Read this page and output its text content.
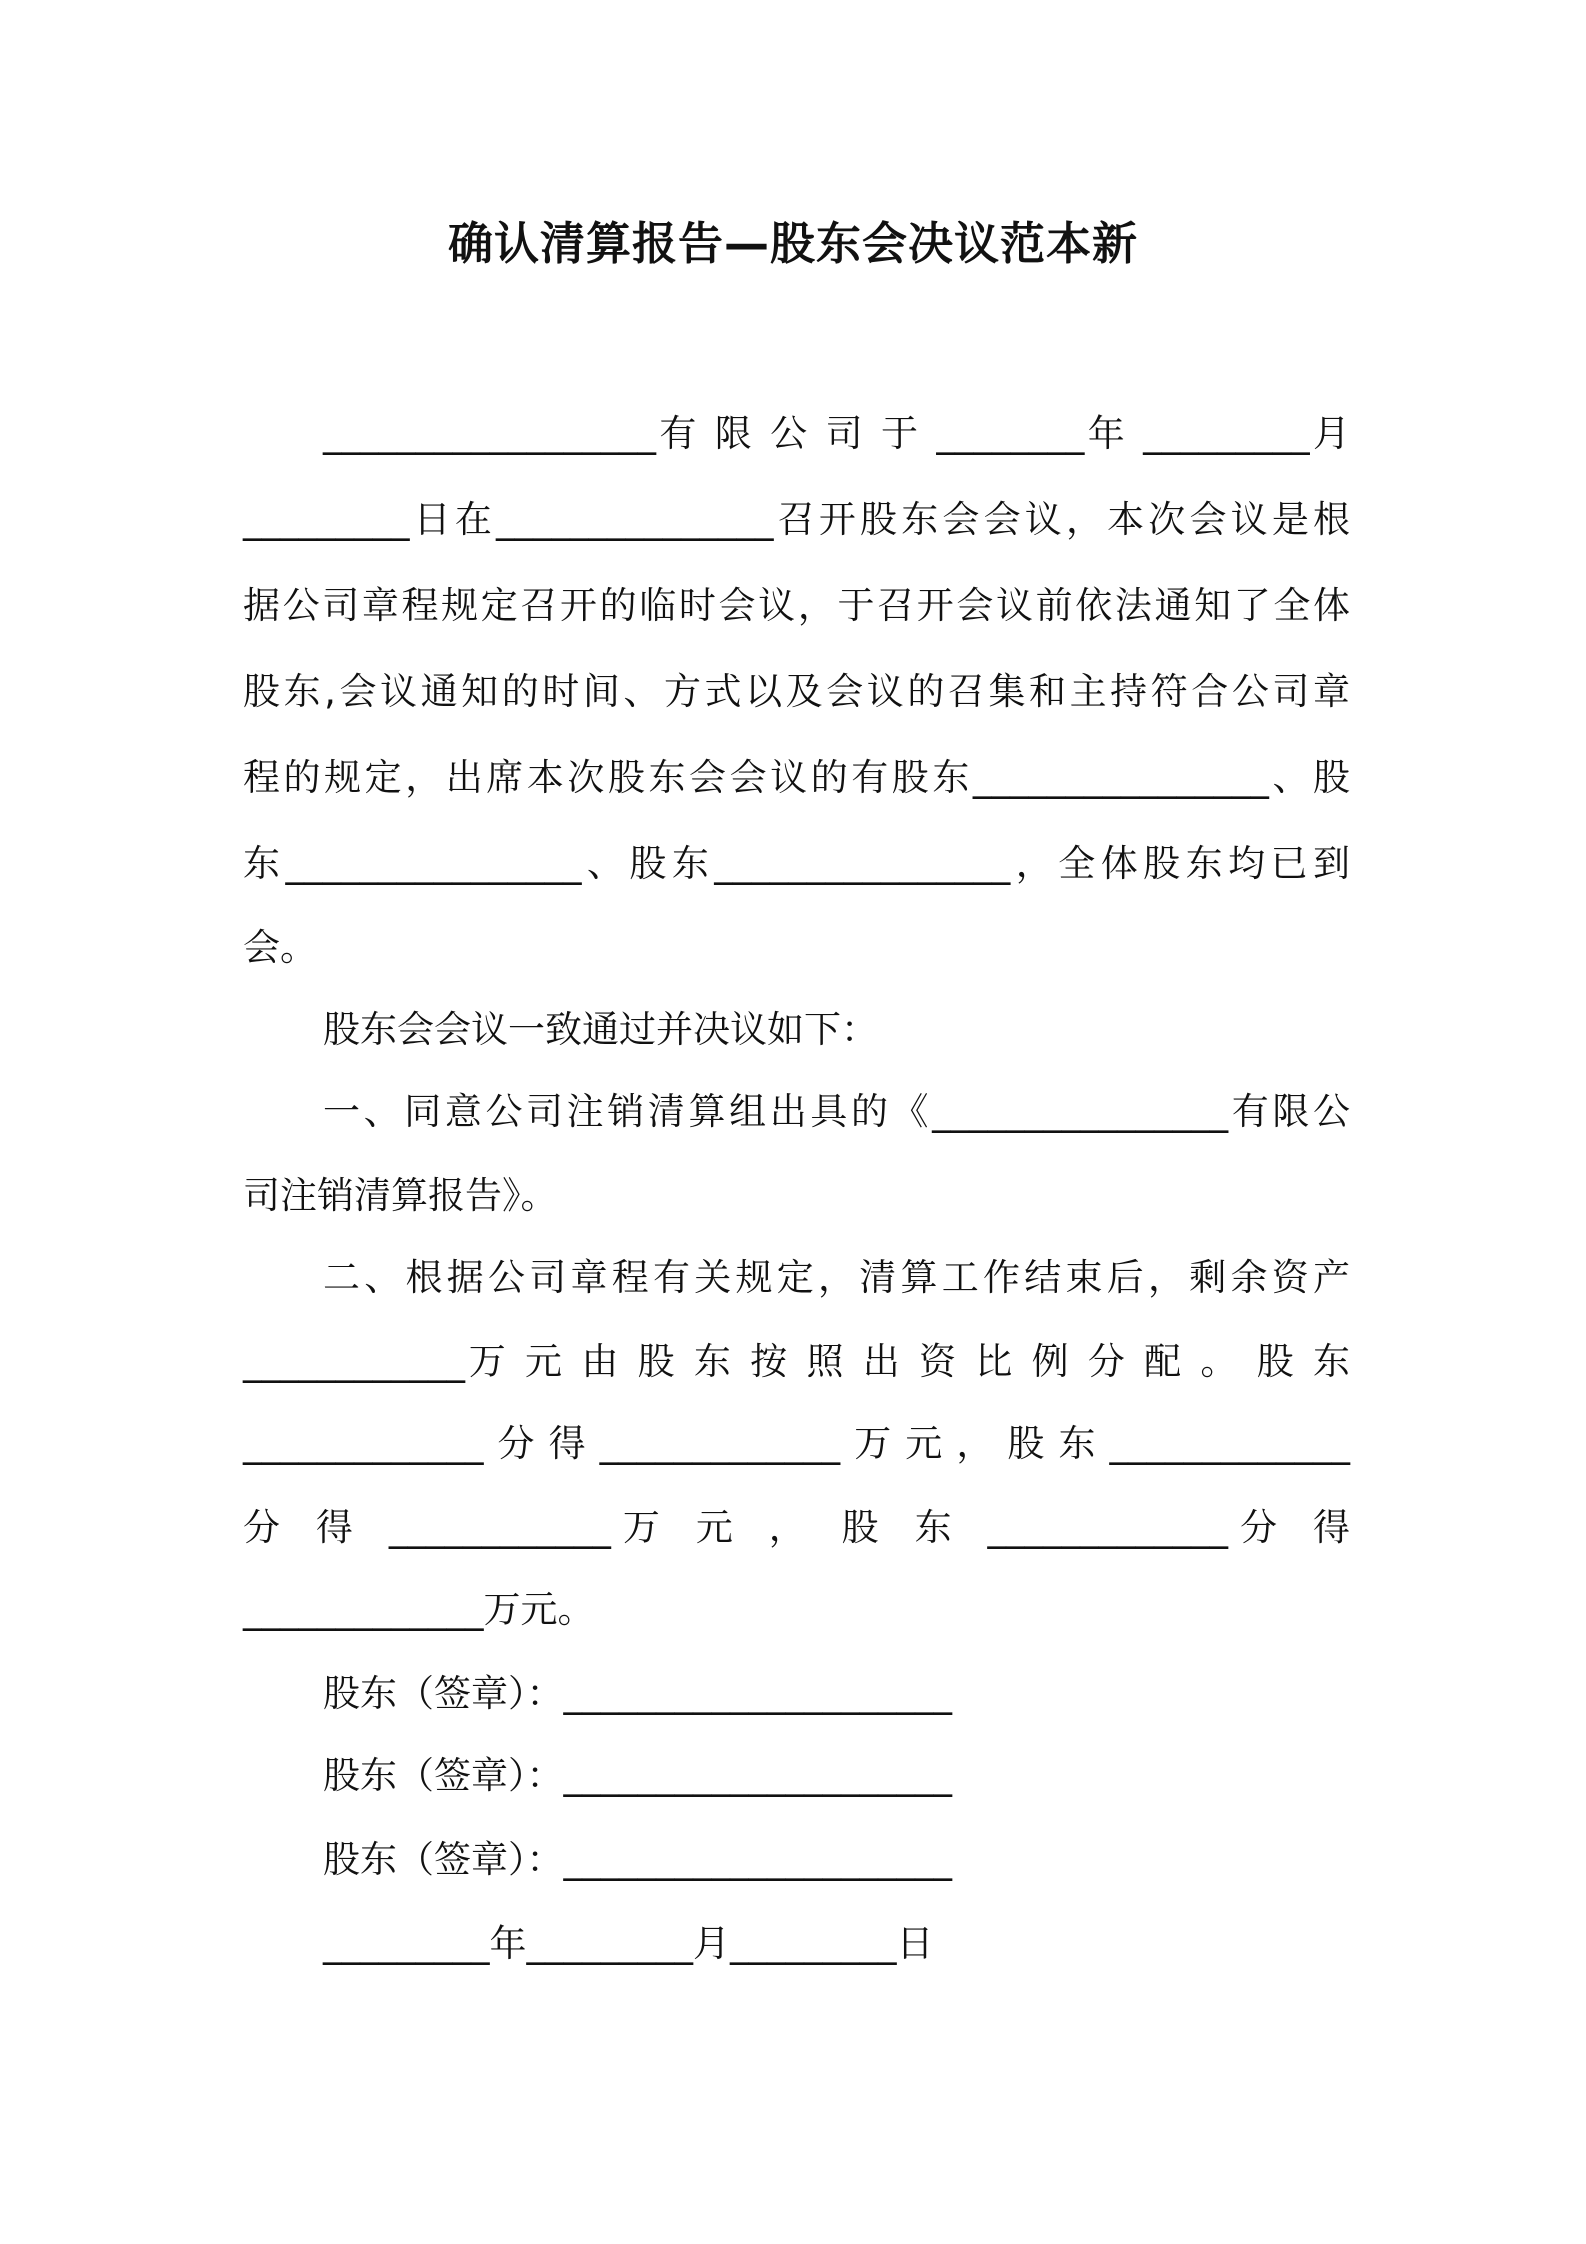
确认清算报告—股东会决议范本新
__________________有 限 公 司 于 ________年 _________月
_________日在_______________召开股东会会议，本次会议是根
据公司章程规定召开的临时会议，于召开会议前依法通知了全体
股东,会议通知的时间、方式以及会议的召集和主持符合公司章
程的规定，出席本次股东会会议的有股东________________、股
东________________、股东________________，全体股东均已到
会。
股东会会议一致通过并决议如下：
一、同意公司注销清算组出具的《________________有限公
司注销清算报告》。
二、根据公司章程有关规定，清算工作结束后，剩余资产
____________万 元 由 股 东 按 照 出 资 比 例 分 配 。 股 东
_____________分得_____________万元，股东_____________
分 得 ____________万 元 ， 股 东 _____________分 得
_____________万元。
股东（签章）：_____________________
股东（签章）：_____________________
股东（签章）：_____________________
_________年_________月_________日
